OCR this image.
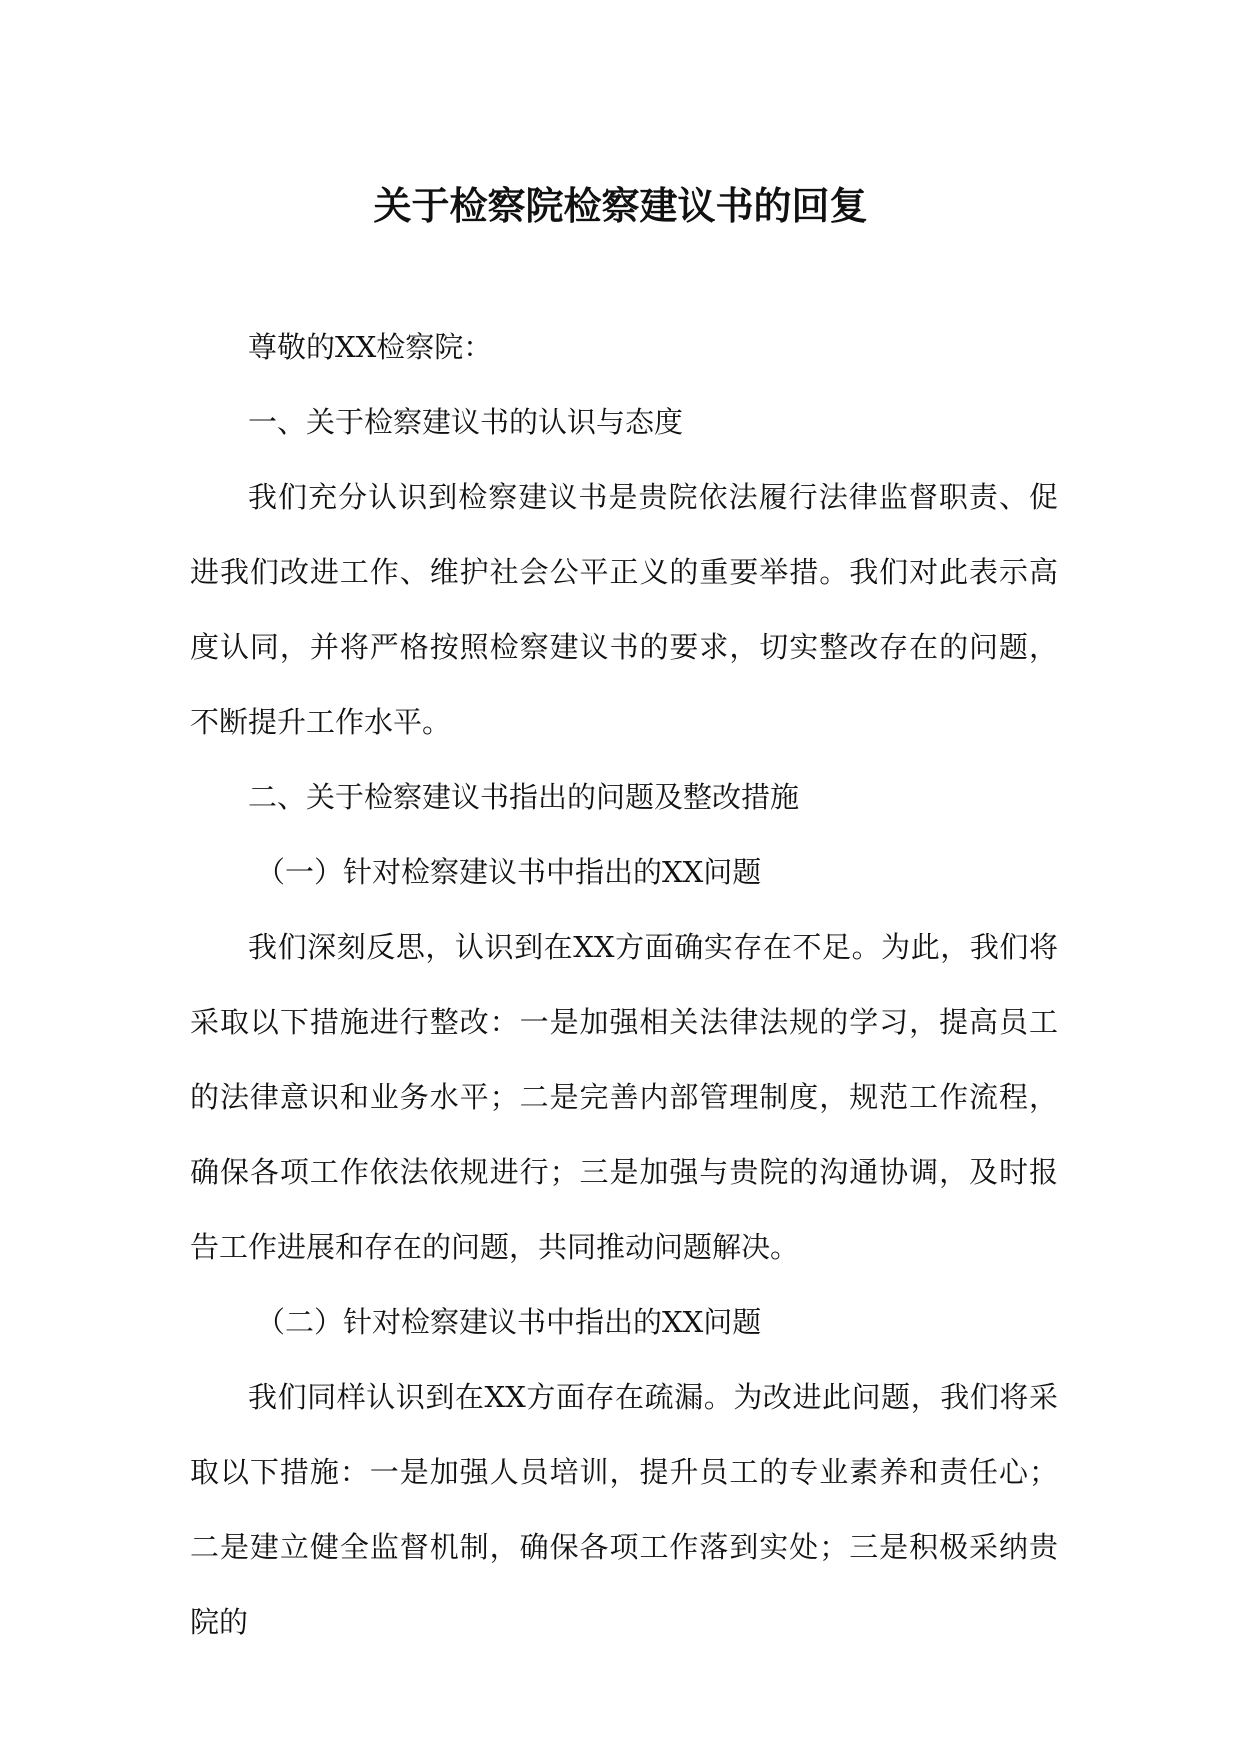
关于检察院检察建议书的回复

尊敬的XX检察院：

一、关于检察建议书的认识与态度

我们充分认识到检察建议书是贵院依法履行法律监督职责、促进我们改进工作、维护社会公平正义的重要举措。我们对此表示高度认同，并将严格按照检察建议书的要求，切实整改存在的问题，不断提升工作水平。

二、关于检察建议书指出的问题及整改措施

（一）针对检察建议书中指出的XX问题

我们深刻反思，认识到在XX方面确实存在不足。为此，我们将采取以下措施进行整改：一是加强相关法律法规的学习，提高员工的法律意识和业务水平；二是完善内部管理制度，规范工作流程，确保各项工作依法依规进行；三是加强与贵院的沟通协调，及时报告工作进展和存在的问题，共同推动问题解决。

（二）针对检察建议书中指出的XX问题

我们同样认识到在XX方面存在疏漏。为改进此问题，我们将采取以下措施：一是加强人员培训，提升员工的专业素养和责任心；二是建立健全监督机制，确保各项工作落到实处；三是积极采纳贵院的
